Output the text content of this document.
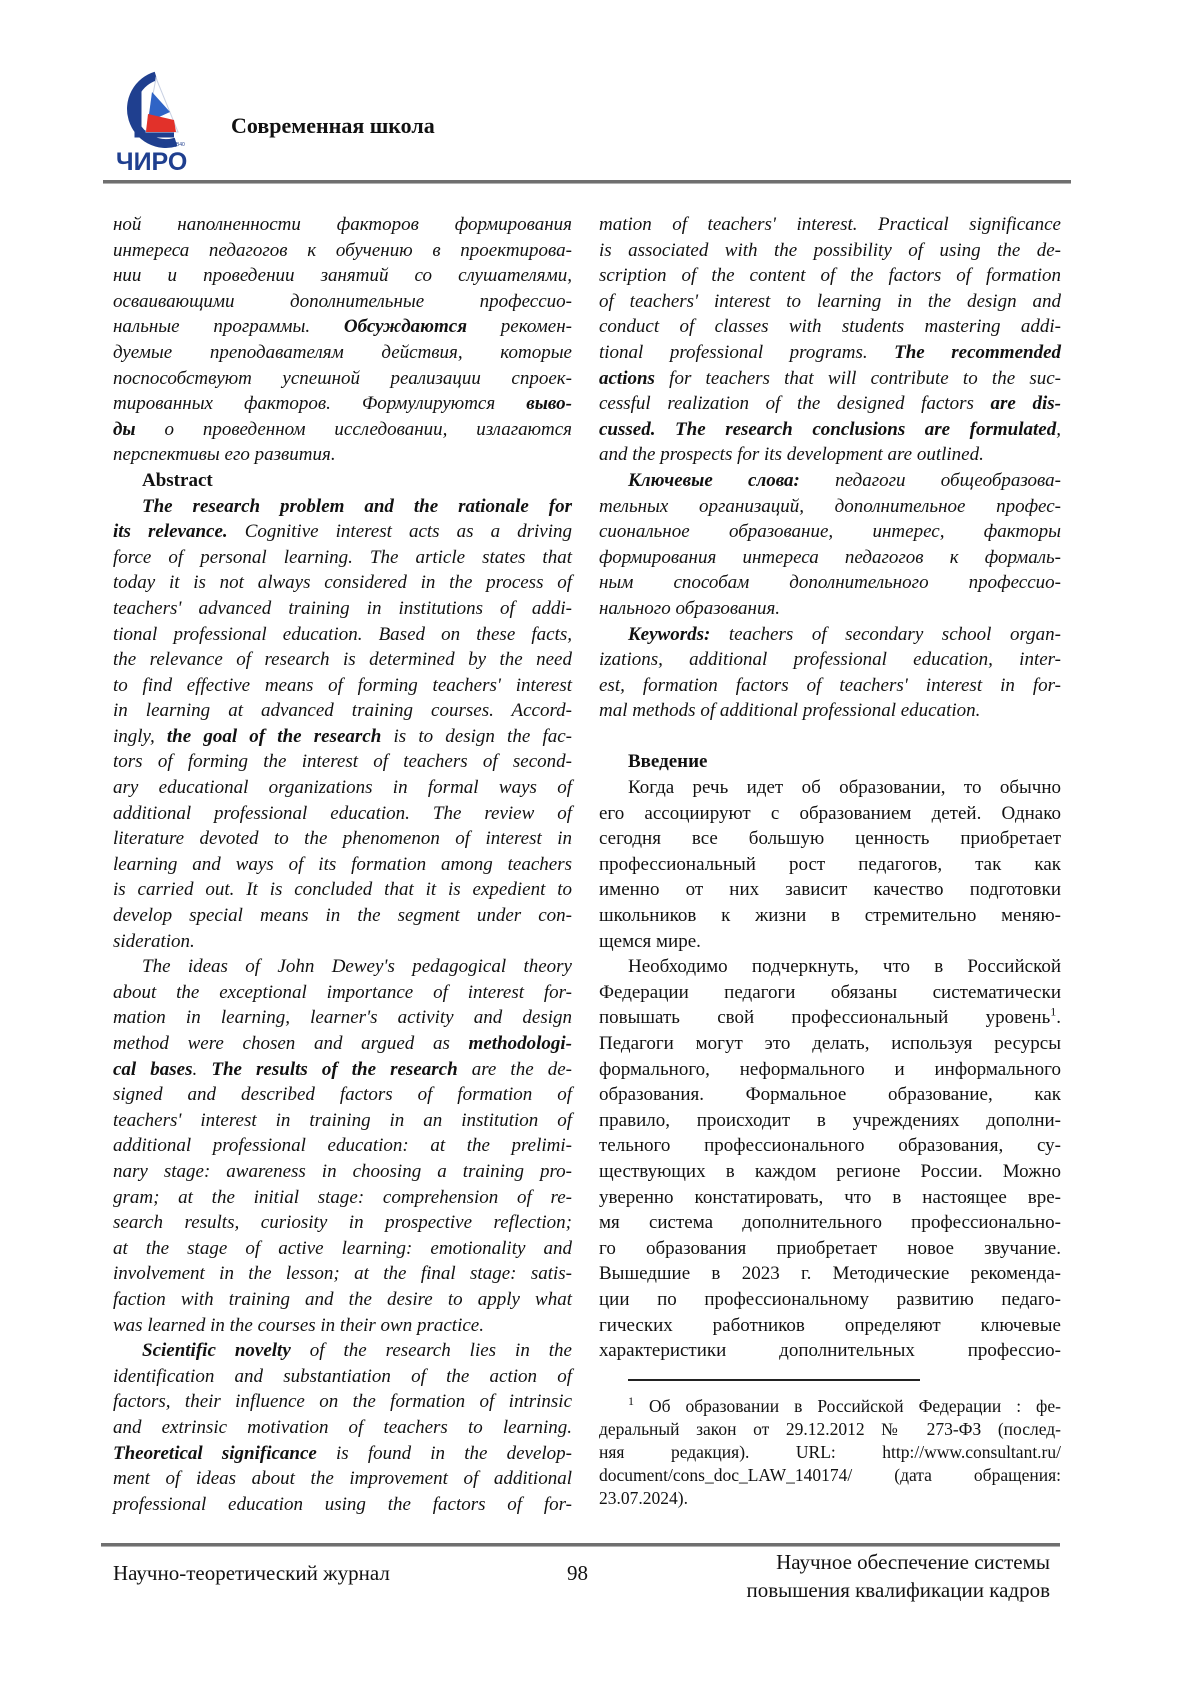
1937 ДВ40
ЧИРО
Современная школа
ной наполненности факторов формирования
интереса педагогов к обучению в проектирова-
нии и проведении занятий со слушателями,
осваивающими дополнительные профессио-
нальные программы. Обсуждаются рекомен-
дуемые преподавателям действия, которые
поспособствуют успешной реализации спроек-
тированных факторов. Формулируются выво-
ды о проведенном исследовании, излагаются
перспективы его развития.
Abstract
The research problem and the rationale for
its relevance. Cognitive interest acts as a driving
force of personal learning. The article states that
today it is not always considered in the process of
teachers' advanced training in institutions of addi-
tional professional education. Based on these facts,
the relevance of research is determined by the need
to find effective means of forming teachers' interest
in learning at advanced training courses. Accord-
ingly, the goal of the research is to design the fac-
tors of forming the interest of teachers of second-
ary educational organizations in formal ways of
additional professional education. The review of
literature devoted to the phenomenon of interest in
learning and ways of its formation among teachers
is carried out. It is concluded that it is expedient to
develop special means in the segment under con-
sideration.
The ideas of John Dewey's pedagogical theory
about the exceptional importance of interest for-
mation in learning, learner's activity and design
method were chosen and argued as methodologi-
cal bases. The results of the research are the de-
signed and described factors of formation of
teachers' interest in training in an institution of
additional professional education: at the prelimi-
nary stage: awareness in choosing a training pro-
gram; at the initial stage: comprehension of re-
search results, curiosity in prospective reflection;
at the stage of active learning: emotionality and
involvement in the lesson; at the final stage: satis-
faction with training and the desire to apply what
was learned in the courses in their own practice.
Scientific novelty of the research lies in the
identification and substantiation of the action of
factors, their influence on the formation of intrinsic
and extrinsic motivation of teachers to learning.
Theoretical significance is found in the develop-
ment of ideas about the improvement of additional
professional education using the factors of for-
mation of teachers' interest. Practical significance
is associated with the possibility of using the de-
scription of the content of the factors of formation
of teachers' interest to learning in the design and
conduct of classes with students mastering addi-
tional professional programs. The recommended
actions for teachers that will contribute to the suc-
cessful realization of the designed factors are dis-
cussed. The research conclusions are formulated,
and the prospects for its development are outlined.
Ключевые слова: педагоги общеобразова-
тельных организаций, дополнительное профес-
сиональное образование, интерес, факторы
формирования интереса педагогов к формаль-
ным способам дополнительного профессио-
нального образования.
Keywords: teachers of secondary school organ-
izations, additional professional education, inter-
est, formation factors of teachers' interest in for-
mal methods of additional professional education.

Введение
Когда речь идет об образовании, то обычно
его ассоциируют с образованием детей. Однако
сегодня все большую ценность приобретает
профессиональный рост педагогов, так как
именно от них зависит качество подготовки
школьников к жизни в стремительно меняю-
щемся мире.
Необходимо подчеркнуть, что в Российской
Федерации педагоги обязаны систематически
повышать свой профессиональный уровень1.
Педагоги могут это делать, используя ресурсы
формального, неформального и информального
образования. Формальное образование, как
правило, происходит в учреждениях дополни-
тельного профессионального образования, су-
ществующих в каждом регионе России. Можно
уверенно констатировать, что в настоящее вре-
мя система дополнительного профессионально-
го образования приобретает новое звучание.
Вышедшие в 2023 г. Методические рекоменда-
ции по профессиональному развитию педаго-
гических работников определяют ключевые
характеристики дополнительных профессио-
1 Об образовании в Российской Федерации : фе-
деральный закон от 29.12.2012 № 273-ФЗ (послед-
няя редакция). URL: http://www.consultant.ru/
document/cons_doc_LAW_140174/ (дата обращения:
23.07.2024).
Научно-теоретический журнал	98	Научное обеспечение системы
повышения квалификации кадров
